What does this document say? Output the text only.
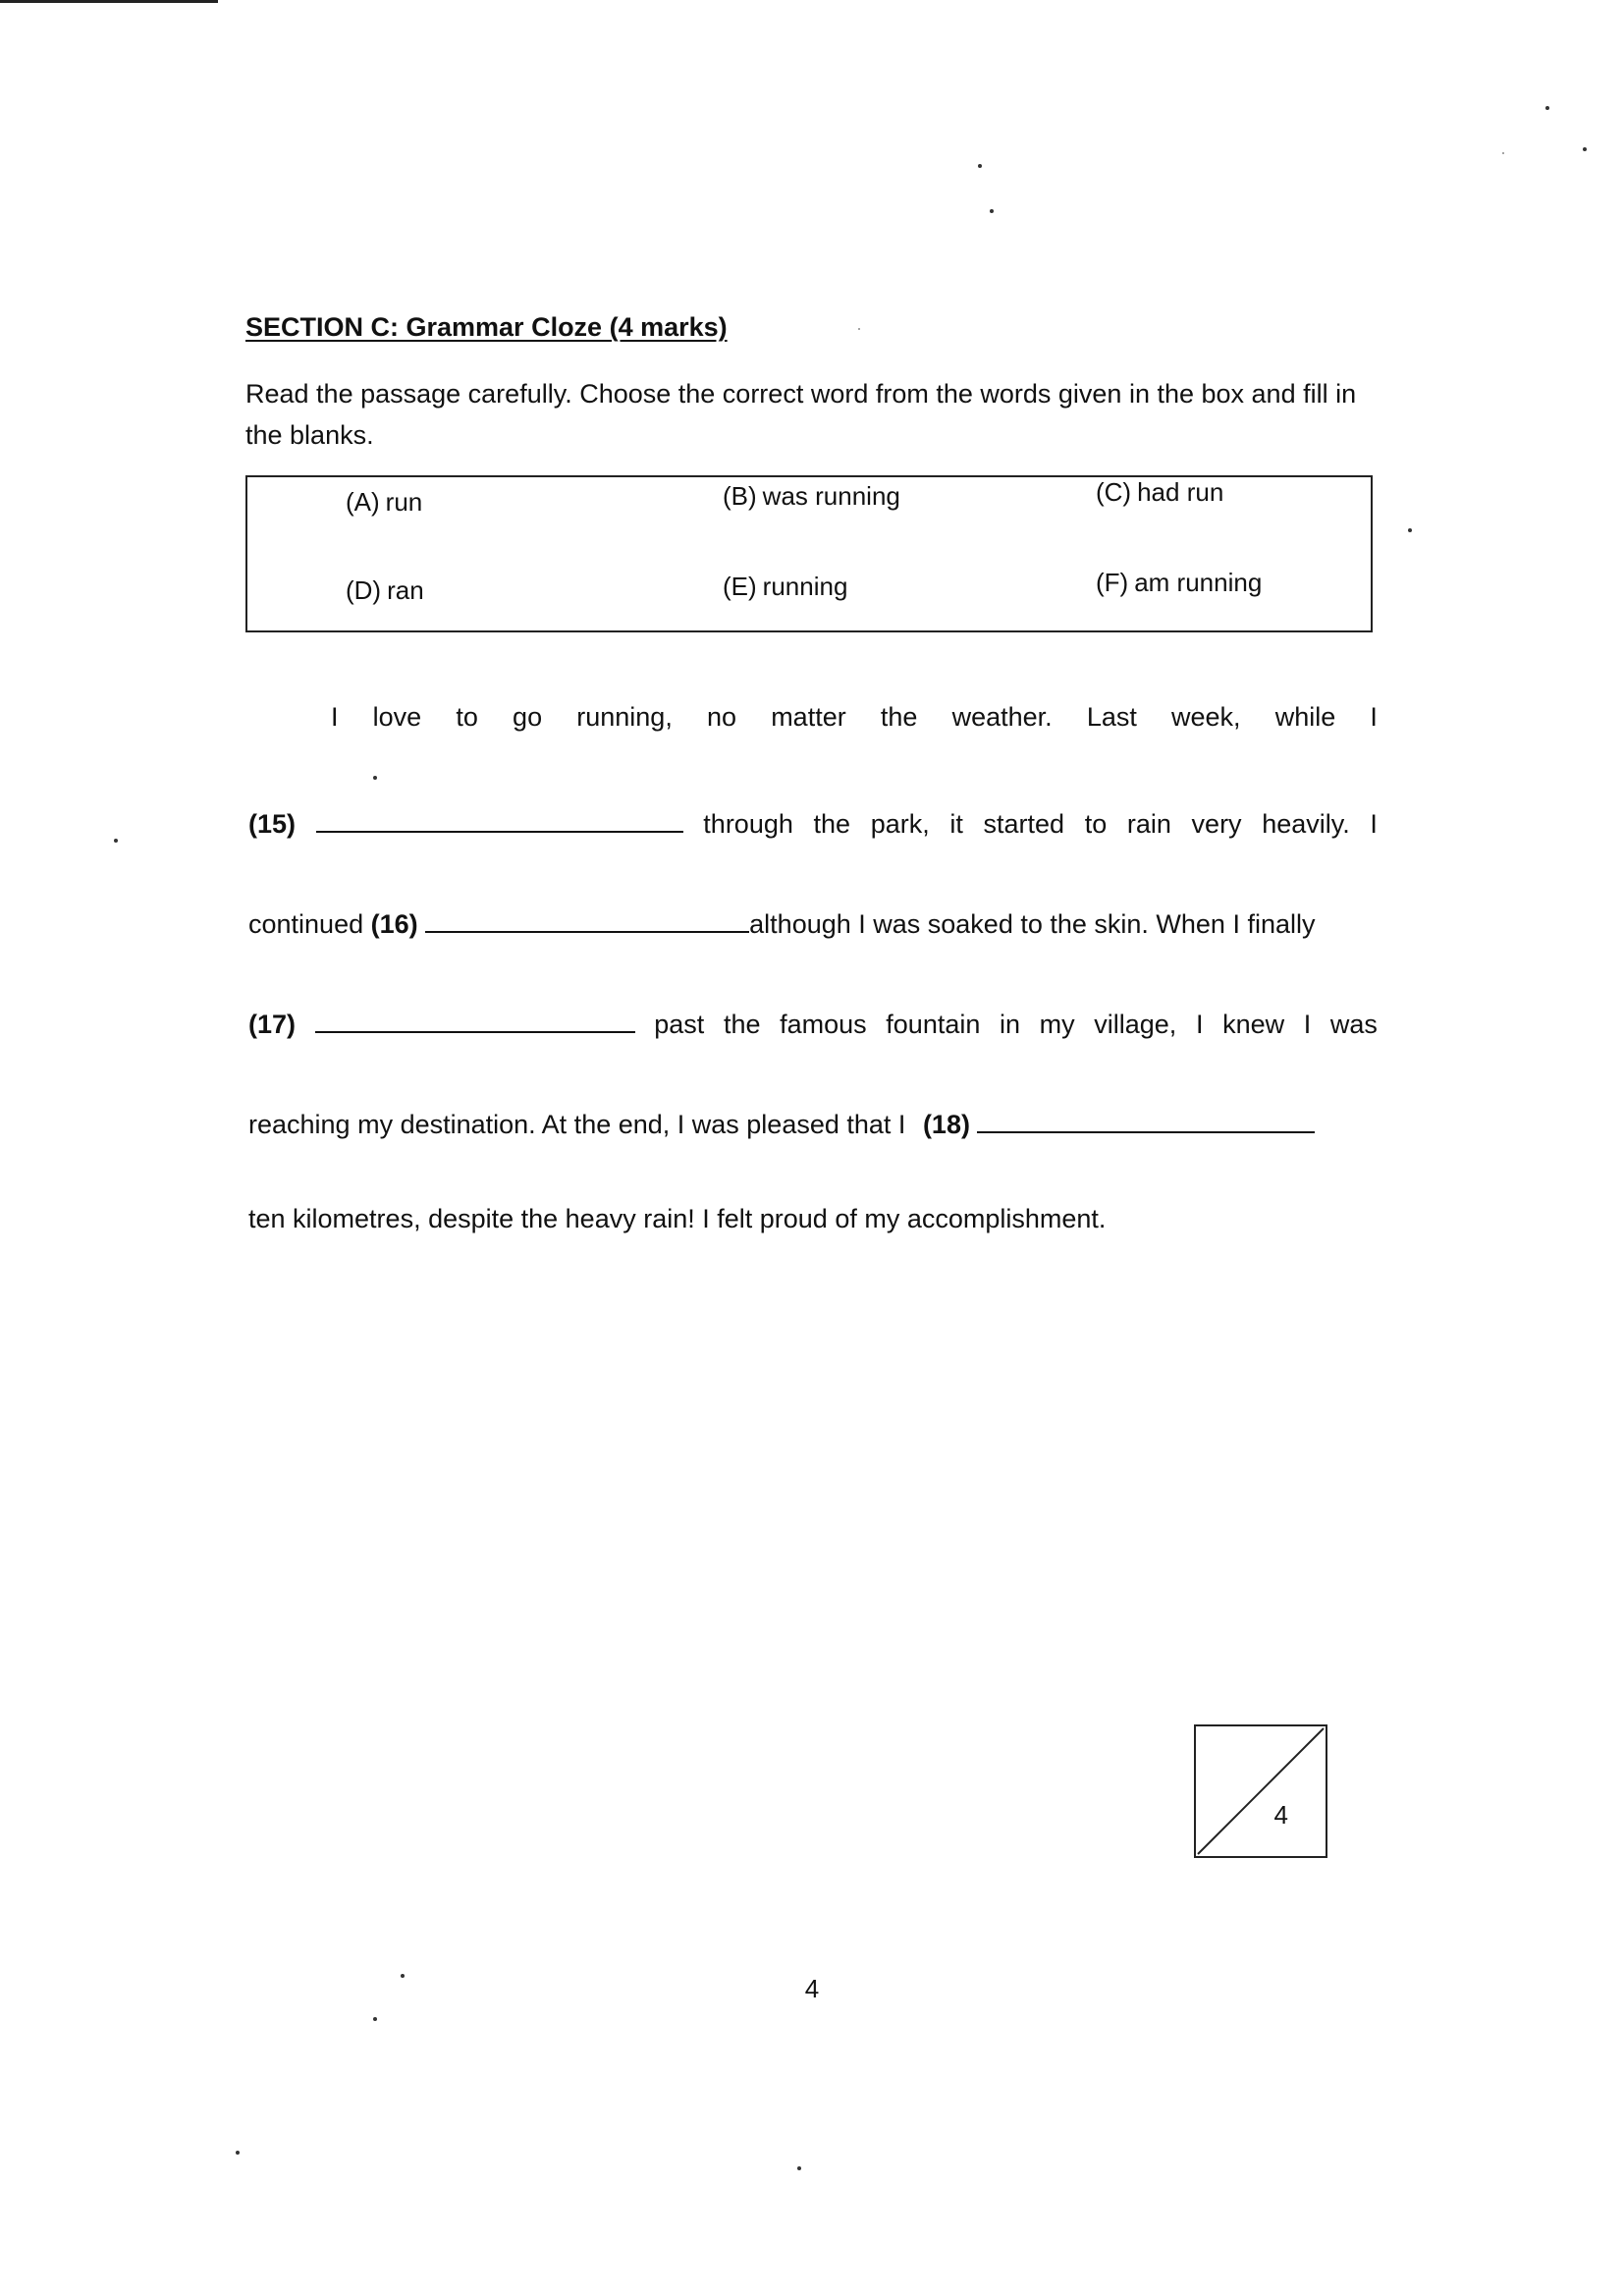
SECTION C: Grammar Cloze (4 marks)
Read the passage carefully. Choose the correct word from the words given in the box and fill in the blanks.
(A) run	(B) was running	(C) had run
(D) ran	(E) running	(F) am running
I love to go running, no matter the weather. Last week, while I
(15)	through the park, it started to rain very heavily. I
continued (16)	although I was soaked to the skin. When I finally
(17)	past the famous fountain in my village, I knew I was
reaching my destination. At the end, I was pleased that I (18)
ten kilometres, despite the heavy rain! I felt proud of my accomplishment.
4
4
